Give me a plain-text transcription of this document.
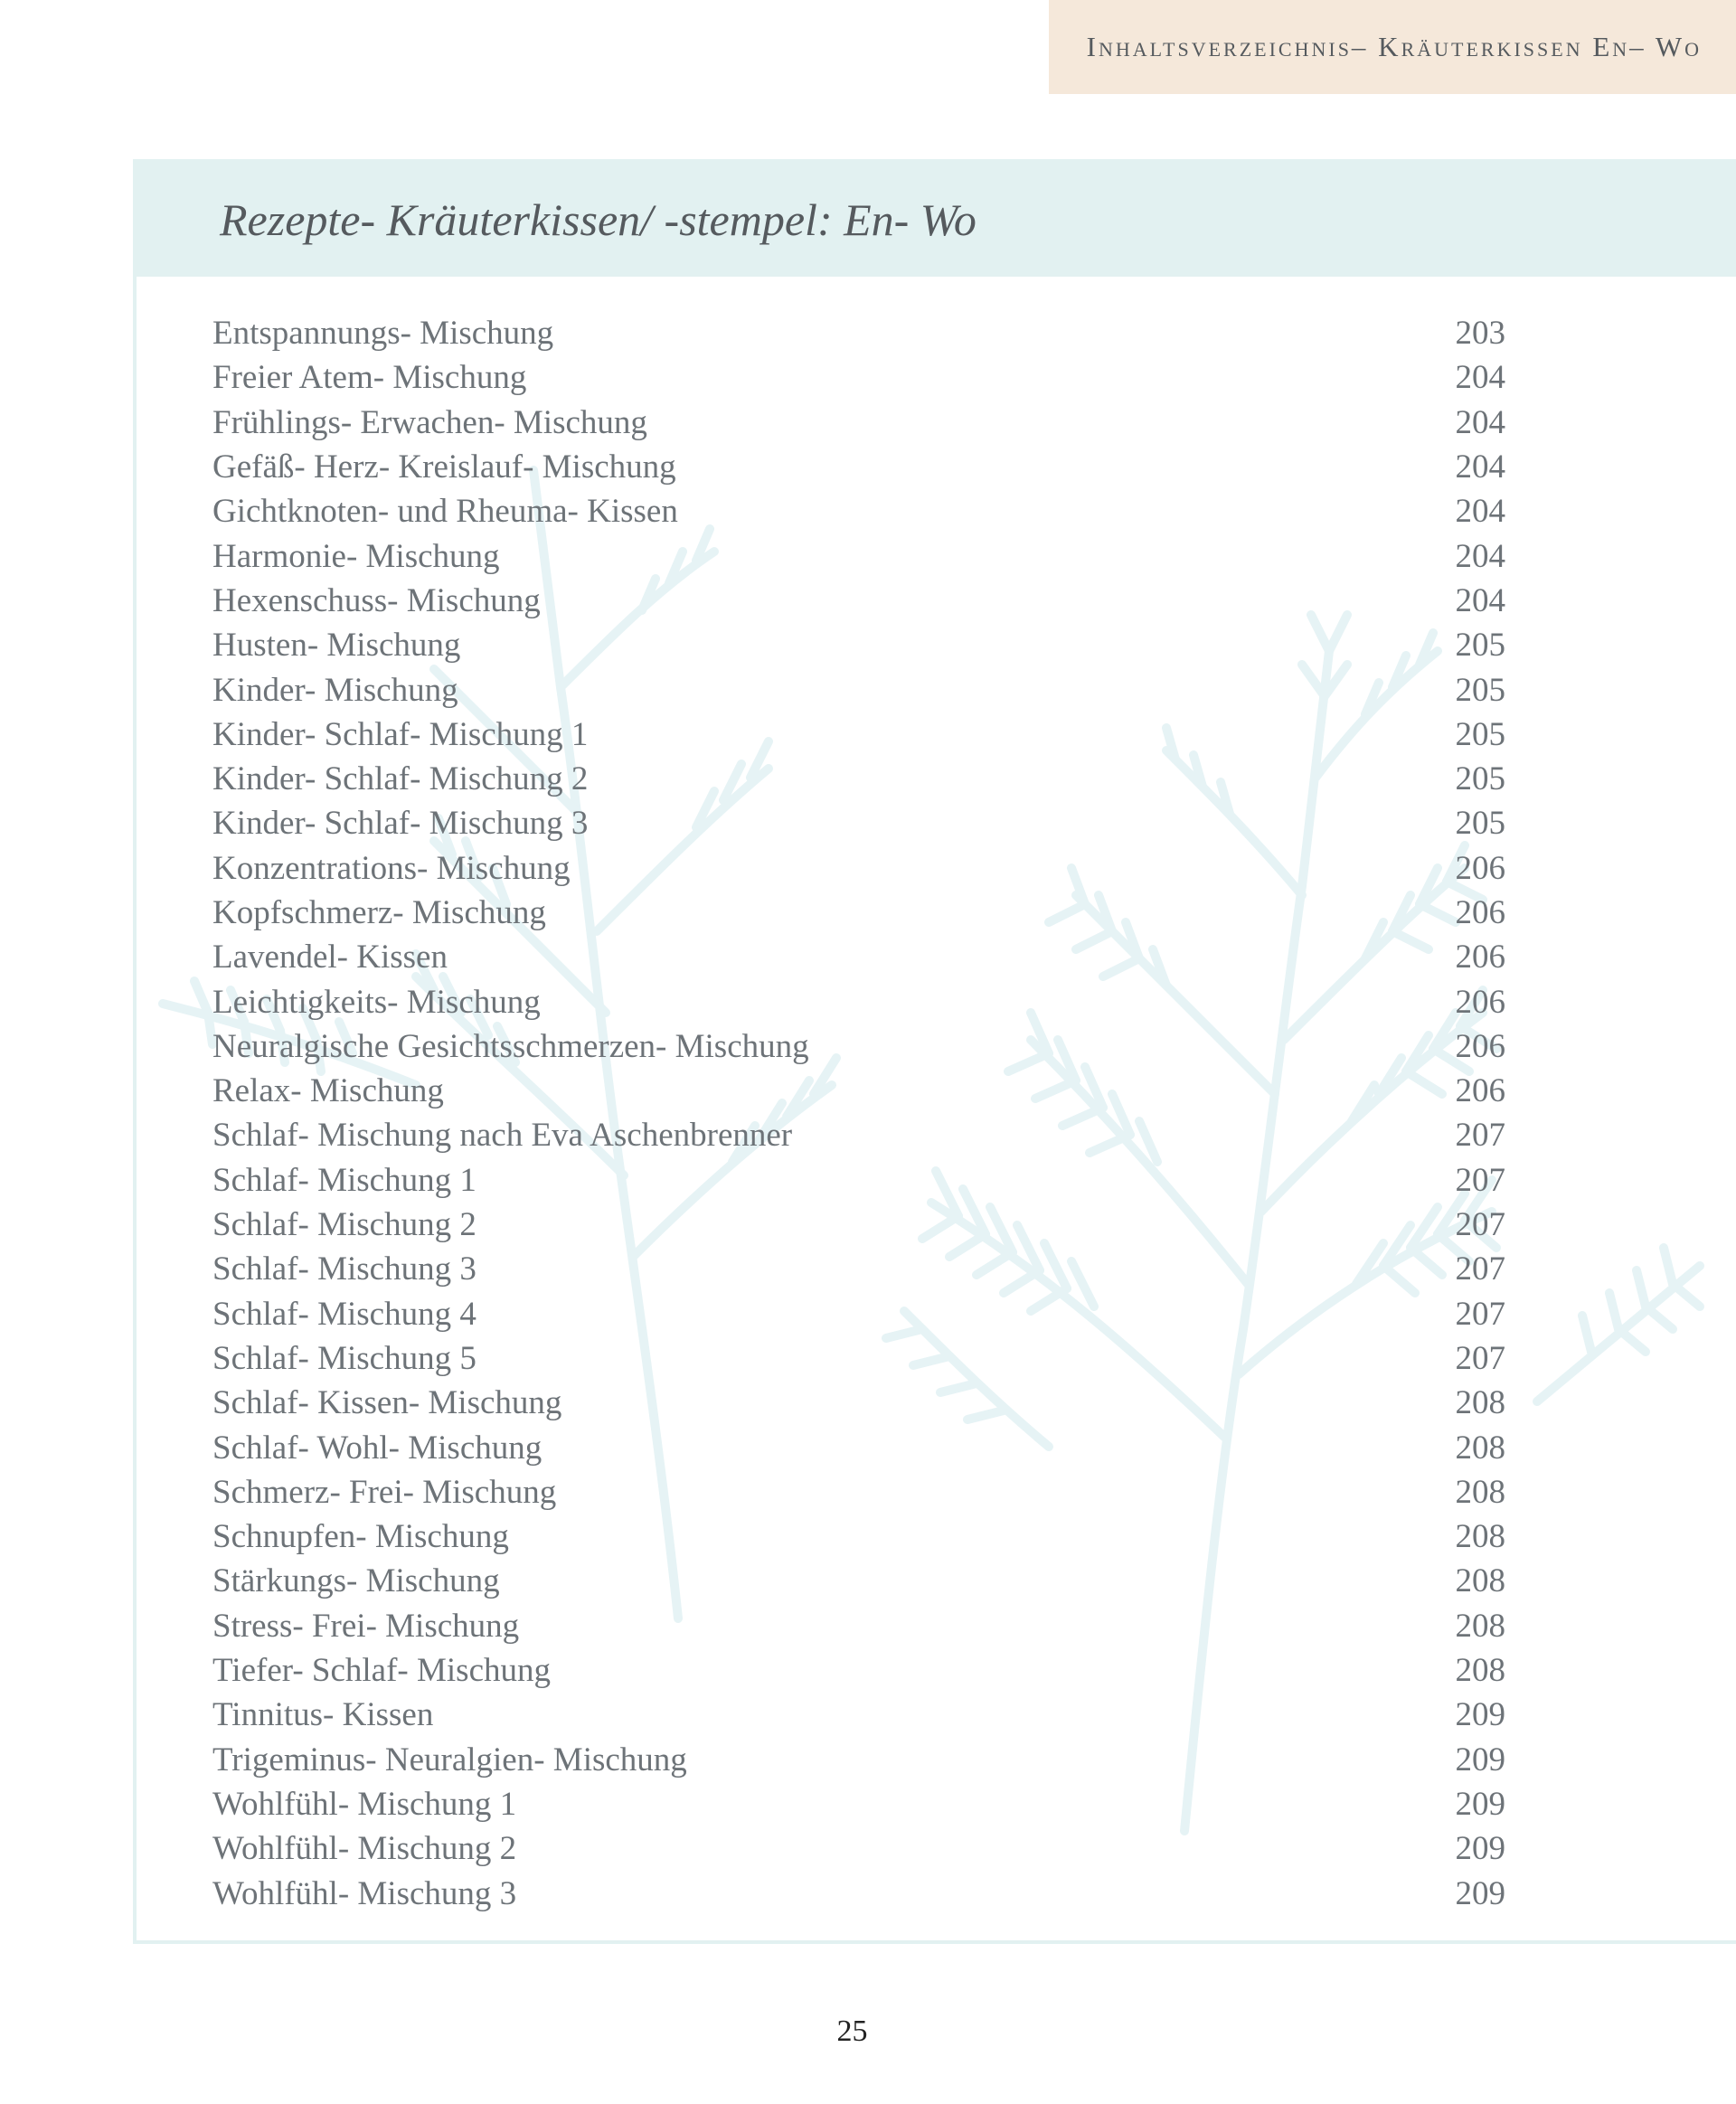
Inhaltsverzeichnis– Kräuterkissen En– Wo
Rezepte- Kräuterkissen/ -stempel: En- Wo
Entspannungs- Mischung	203
Freier Atem- Mischung	204
Frühlings- Erwachen- Mischung	204
Gefäß- Herz- Kreislauf- Mischung	204
Gichtknoten- und Rheuma- Kissen	204
Harmonie- Mischung	204
Hexenschuss- Mischung	204
Husten- Mischung	205
Kinder- Mischung	205
Kinder- Schlaf- Mischung 1	205
Kinder- Schlaf- Mischung 2	205
Kinder- Schlaf- Mischung 3	205
Konzentrations- Mischung	206
Kopfschmerz- Mischung	206
Lavendel- Kissen	206
Leichtigkeits- Mischung	206
Neuralgische Gesichtsschmerzen- Mischung	206
Relax- Mischung	206
Schlaf- Mischung nach Eva Aschenbrenner	207
Schlaf- Mischung 1	207
Schlaf- Mischung 2	207
Schlaf- Mischung 3	207
Schlaf- Mischung 4	207
Schlaf- Mischung 5	207
Schlaf- Kissen- Mischung	208
Schlaf- Wohl- Mischung	208
Schmerz- Frei- Mischung	208
Schnupfen- Mischung	208
Stärkungs- Mischung	208
Stress- Frei- Mischung	208
Tiefer- Schlaf- Mischung	208
Tinnitus- Kissen	209
Trigeminus- Neuralgien- Mischung	209
Wohlfühl- Mischung 1	209
Wohlfühl- Mischung 2	209
Wohlfühl- Mischung 3	209
25
